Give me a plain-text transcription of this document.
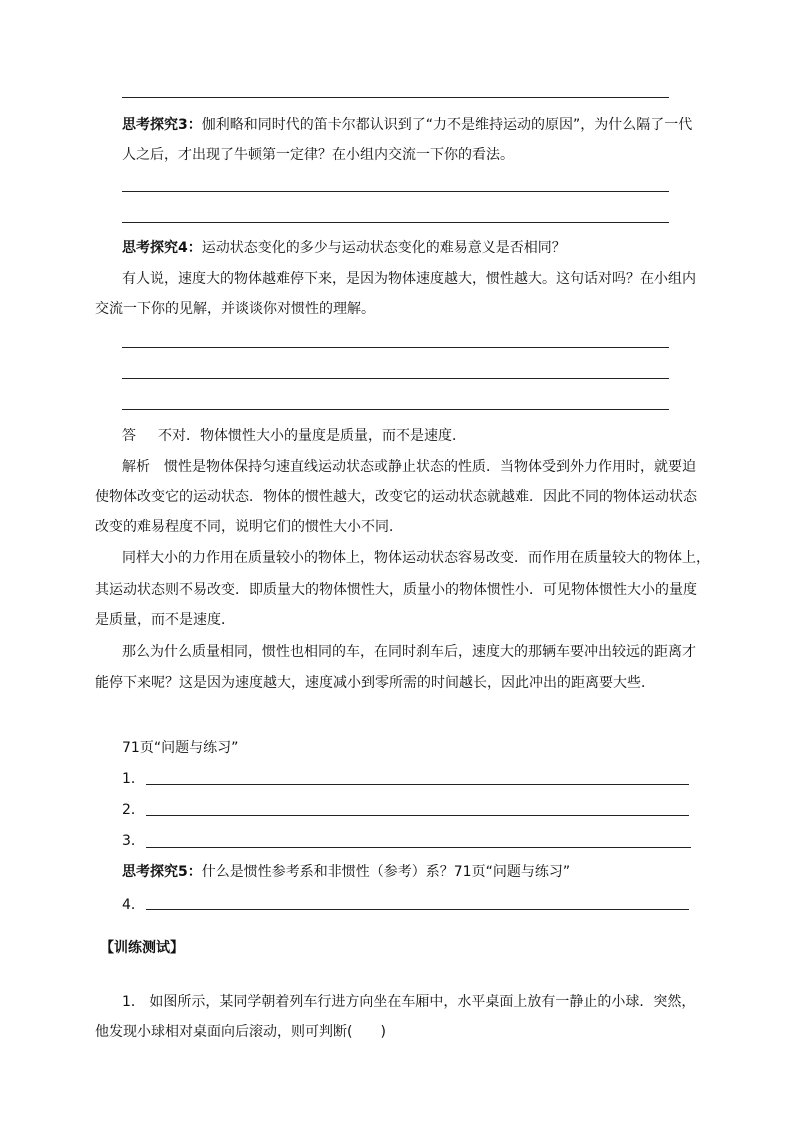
思考探究3：伽利略和同时代的笛卡尔都认识到了“力不是维持运动的原因”，为什么隔了一代
人之后，才出现了牛顿第一定律？在小组内交流一下你的看法。
思考探究4：运动状态变化的多少与运动状态变化的难易意义是否相同？
有人说，速度大的物体越难停下来，是因为物体速度越大，惯性越大。这句话对吗？在小组内
交流一下你的见解，并谈谈你对惯性的理解。
答 不对．物体惯性大小的量度是质量，而不是速度．
解析 惯性是物体保持匀速直线运动状态或静止状态的性质．当物体受到外力作用时，就要迫
使物体改变它的运动状态．物体的惯性越大，改变它的运动状态就越难．因此不同的物体运动状态
改变的难易程度不同，说明它们的惯性大小不同．
同样大小的力作用在质量较小的物体上，物体运动状态容易改变．而作用在质量较大的物体上，
其运动状态则不易改变．即质量大的物体惯性大，质量小的物体惯性小．可见物体惯性大小的量度
是质量，而不是速度．
那么为什么质量相同，惯性也相同的车，在同时刹车后，速度大的那辆车要冲出较远的距离才
能停下来呢？这是因为速度越大，速度减小到零所需的时间越长，因此冲出的距离要大些．
71页“问题与练习”
1．
2．
3．
思考探究5：什么是惯性参考系和非惯性（参考）系？71页“问题与练习”
4．
【训练测试】
1． 如图所示，某同学朝着列车行进方向坐在车厢中，水平桌面上放有一静止的小球．突然，
他发现小球相对桌面向后滚动，则可判断(　　)
